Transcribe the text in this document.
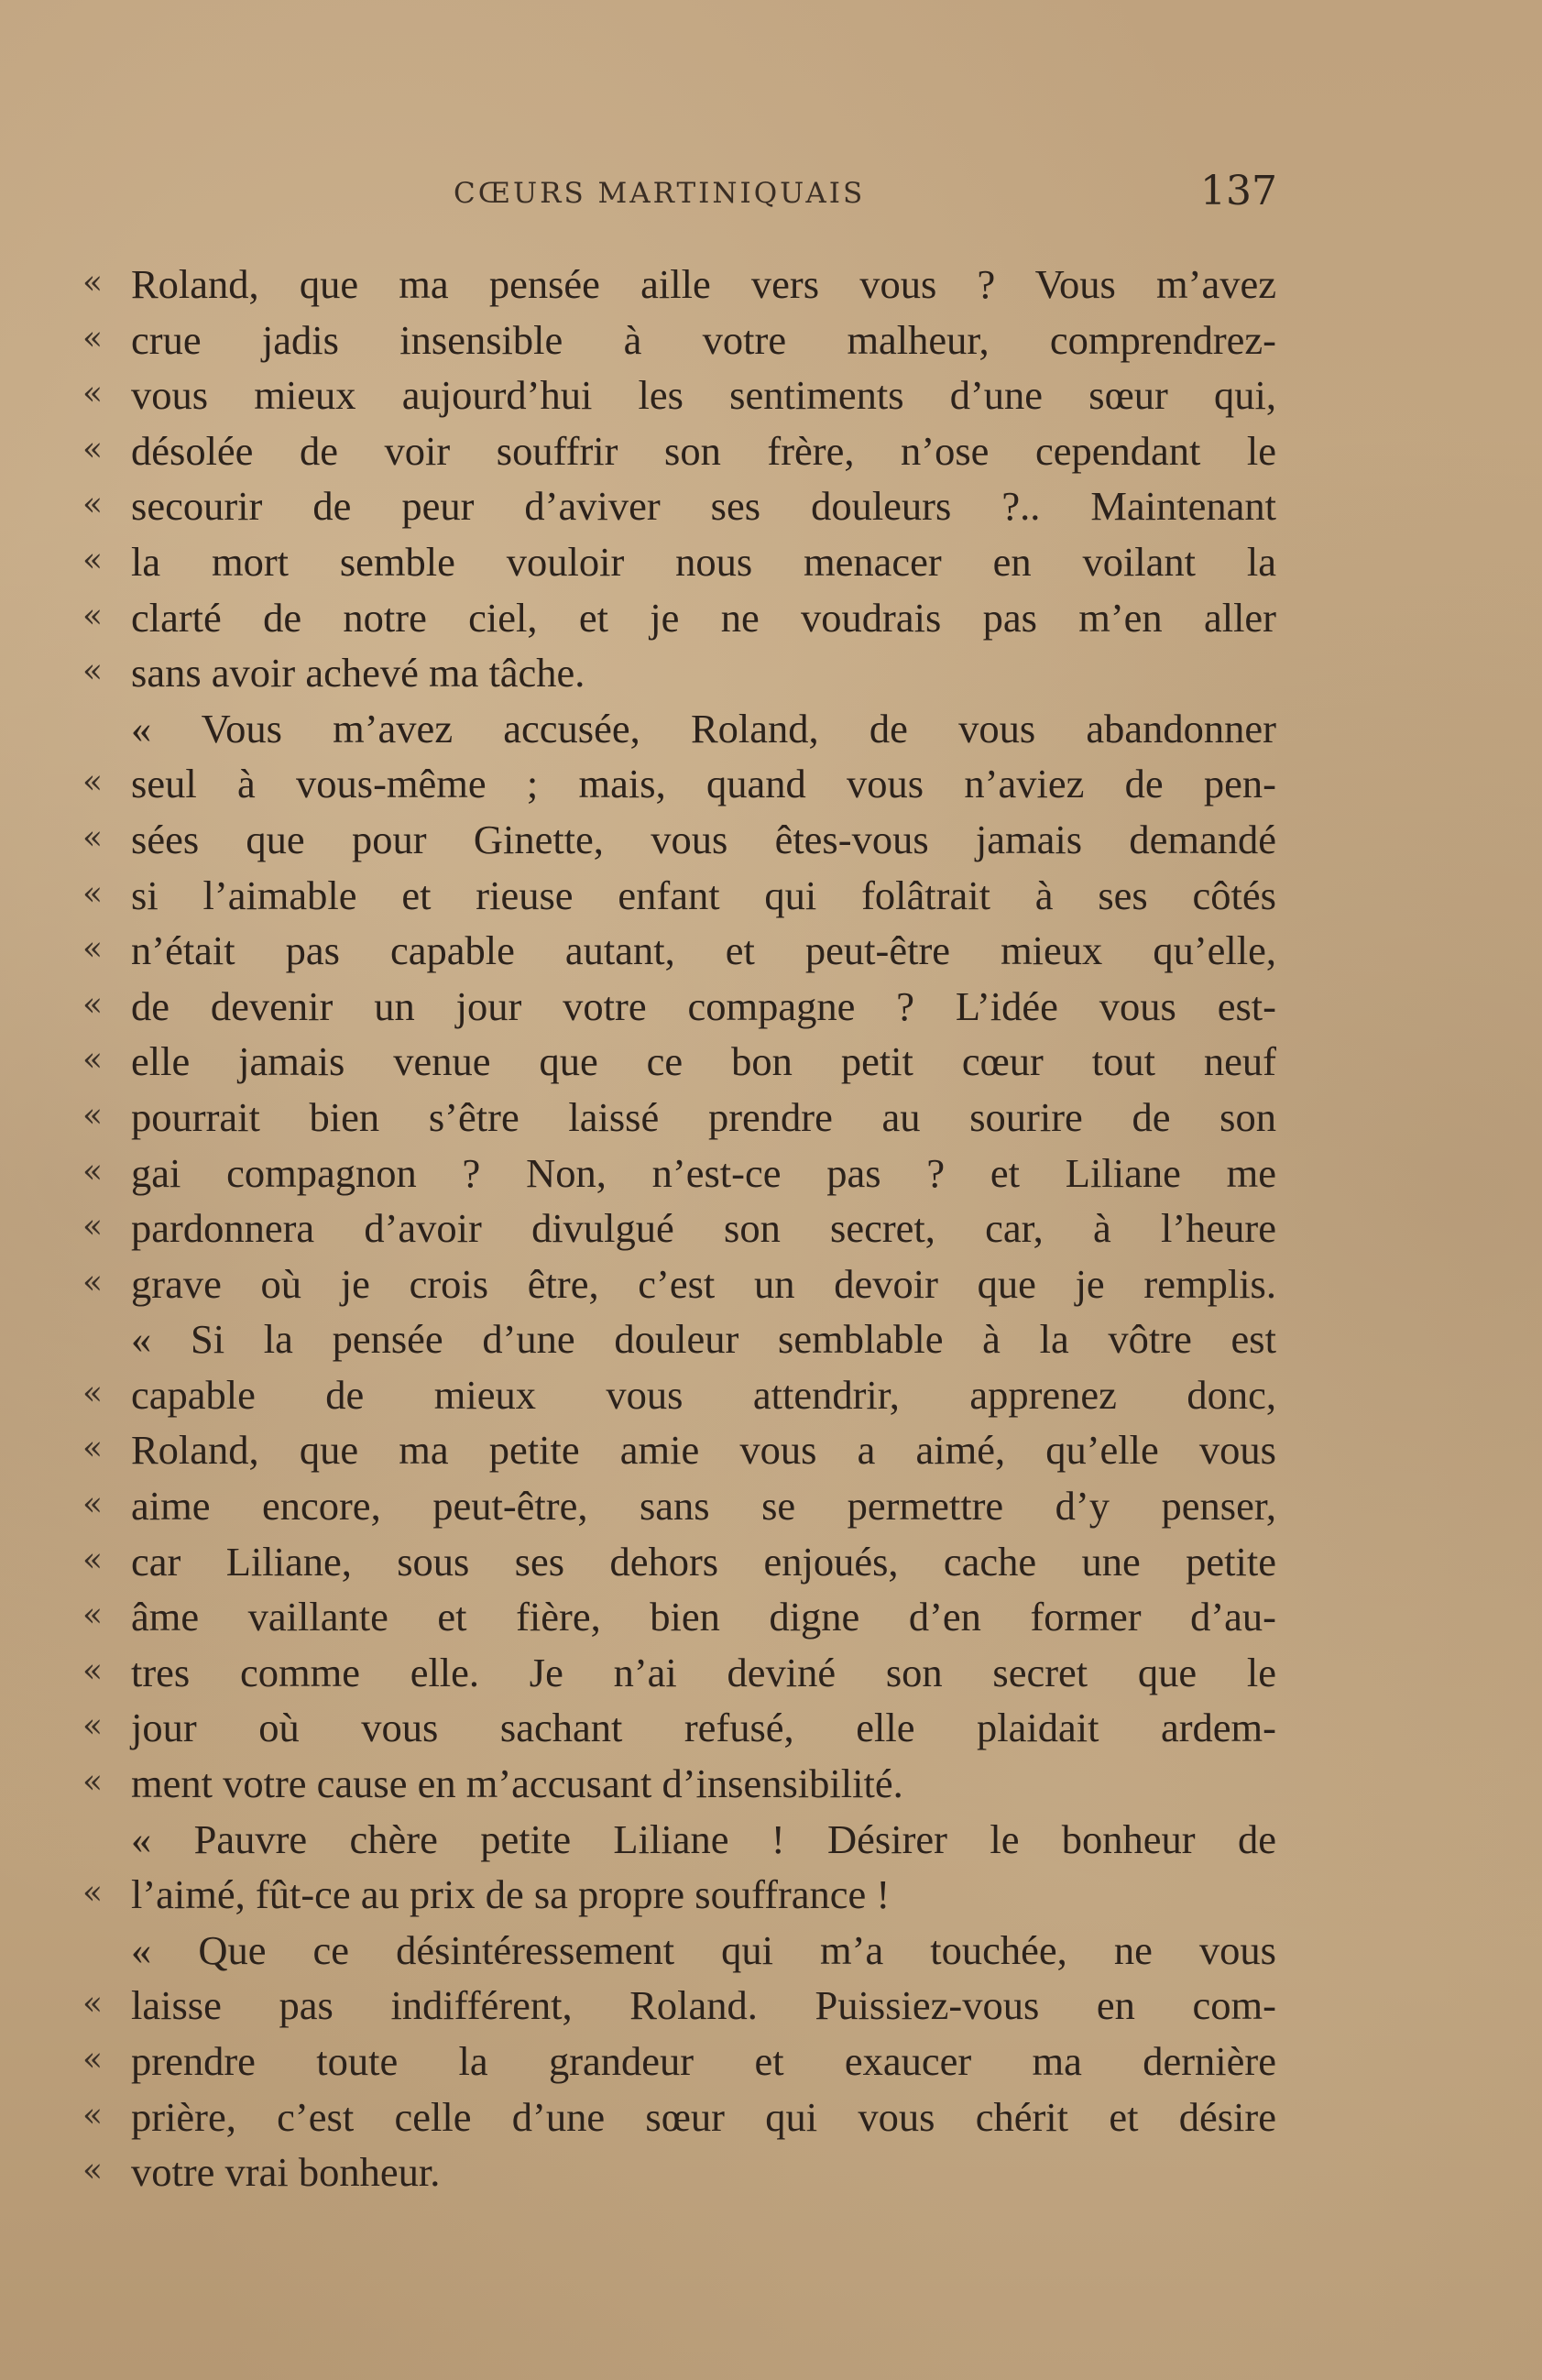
CŒURS MARTINIQUAIS	137
« Roland, que ma pensée aille vers vous ? Vous m’avez
« crue jadis insensible à votre malheur, comprendrez-
« vous mieux aujourd’hui les sentiments d’une sœur qui,
« désolée de voir souffrir son frère, n’ose cependant le
« secourir de peur d’aviver ses douleurs ?.. Maintenant
« la mort semble vouloir nous menacer en voilant la
« clarté de notre ciel, et je ne voudrais pas m’en aller
« sans avoir achevé ma tâche.
« Vous m’avez accusée, Roland, de vous abandonner
« seul à vous-même ; mais, quand vous n’aviez de pen-
« sées que pour Ginette, vous êtes-vous jamais demandé
« si l’aimable et rieuse enfant qui folâtrait à ses côtés
« n’était pas capable autant, et peut-être mieux qu’elle,
« de devenir un jour votre compagne ? L’idée vous est-
« elle jamais venue que ce bon petit cœur tout neuf
« pourrait bien s’être laissé prendre au sourire de son
« gai compagnon ? Non, n’est-ce pas ? et Liliane me
« pardonnera d’avoir divulgué son secret, car, à l’heure
« grave où je crois être, c’est un devoir que je remplis.
« Si la pensée d’une douleur semblable à la vôtre est
« capable de mieux vous attendrir, apprenez donc,
« Roland, que ma petite amie vous a aimé, qu’elle vous
« aime encore, peut-être, sans se permettre d’y penser,
« car Liliane, sous ses dehors enjoués, cache une petite
« âme vaillante et fière, bien digne d’en former d’au-
« tres comme elle. Je n’ai deviné son secret que le
« jour où vous sachant refusé, elle plaidait ardem-
« ment votre cause en m’accusant d’insensibilité.
« Pauvre chère petite Liliane ! Désirer le bonheur de
« l’aimé, fût-ce au prix de sa propre souffrance !
« Que ce désintéressement qui m’a touchée, ne vous
« laisse pas indifférent, Roland. Puissiez-vous en com-
« prendre toute la grandeur et exaucer ma dernière
« prière, c’est celle d’une sœur qui vous chérit et désire
« votre vrai bonheur.
